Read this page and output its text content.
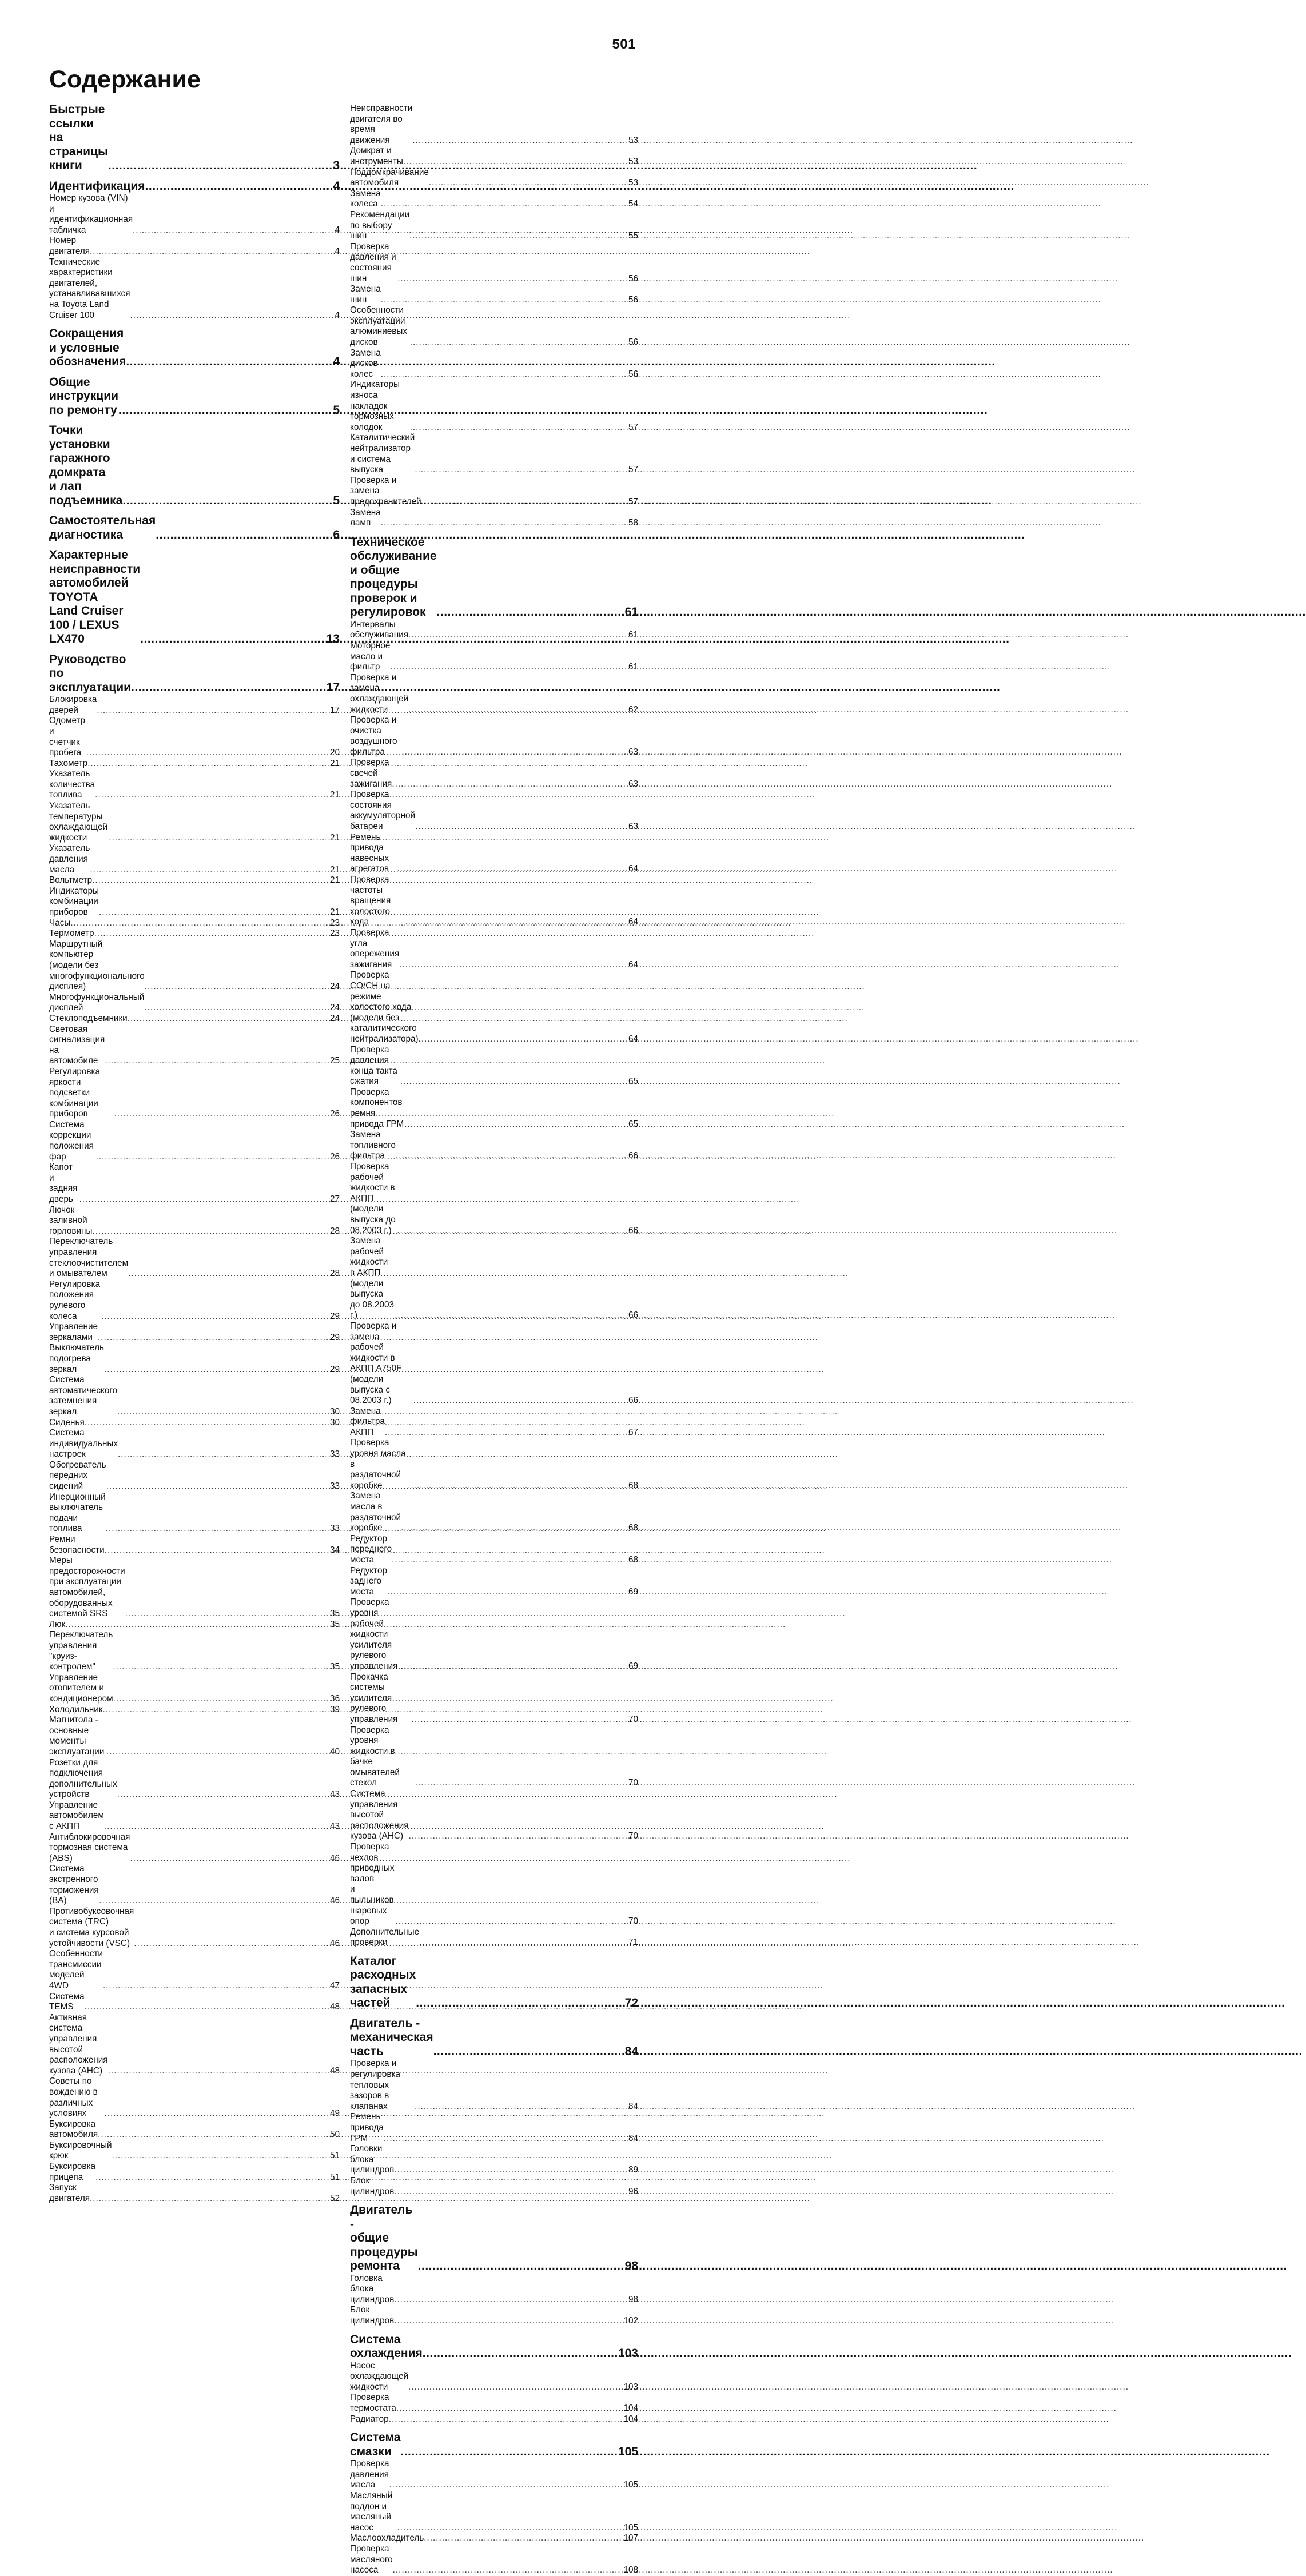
501
Содержание
Быстрые ссылки на страницы книги .....	3
Идентификация .....	4
Номер кузова (VIN) и идентификационная табличка .....	4
Номер двигателя .....	4
Технические характеристики двигателей,
устанавливавшихся на Toyota Land Cruiser 100 .....	4
Сокращения и условные обозначения .....	4
Общие инструкции по ремонту .....	5
Точки установки гаражного домкрата
и лап подъемника .....	5
Самостоятельная диагностика .....	6
Характерные неисправности
автомобилей TOYOTA
Land Cruiser 100 / LEXUS LX470 .....	13
Руководство по эксплуатации .....	17
Блокировка дверей .....	17
Одометр и счетчик пробега .....	20
Тахометр .....	21
Указатель количества топлива .....	21
Указатель температуры охлаждающей жидкости .....	21
Указатель давления масла .....	21
Вольтметр .....	21
Индикаторы комбинации приборов .....	21
Часы .....	23
Термометр .....	23
Маршрутный компьютер
(модели без многофункционального дисплея) .....	24
Многофункциональный дисплей .....	24
Стеклоподъемники .....	24
Световая сигнализация на автомобиле .....	25
Регулировка яркости подсветки комбинации приборов .....	26
Система коррекции положения фар .....	26
Капот и задняя дверь .....	27
Лючок заливной горловины .....	28
Переключатель управления
стеклоочистителем и омывателем .....	28
Регулировка положения рулевого колеса .....	29
Управление зеркалами .....	29
Выключатель подогрева зеркал .....	29
Система автоматического затемнения зеркал .....	30
Сиденья .....	30
Система индивидуальных настроек .....	33
Обогреватель передних сидений .....	33
Инерционный выключатель подачи топлива .....	33
Ремни безопасности .....	34
Меры предосторожности при эксплуатации
автомобилей, оборудованных системой SRS .....	35
Люк .....	35
Переключатель управления "круиз-контролем" .....	35
Управление отопителем и кондиционером .....	36
Холодильник .....	39
Магнитола - основные моменты эксплуатации .....	40
Розетки для подключения дополнительных устройств .....	43
Управление автомобилем с АКПП .....	43
Антиблокировочная тормозная система (ABS) .....	46
Система экстренного торможения (BA) .....	46
Противобуксовочная система (TRC)
и система курсовой устойчивости (VSC) .....	46
Особенности трансмиссии моделей 4WD .....	47
Система TEMS .....	48
Активная система управления
высотой расположения кузова (AHC) .....	48
Советы по вождению в различных условиях .....	49
Буксировка автомобиля .....	50
Буксировочный крюк .....	51
Буксировка прицепа .....	51
Запуск двигателя .....	52
Неисправности двигателя во время движения .....	53
Домкрат и инструменты .....	53
Поддомкрачивание автомобиля .....	53
Замена колеса .....	54
Рекомендации по выбору шин .....	55
Проверка давления и состояния шин .....	56
Замена шин .....	56
Особенности эксплуатации алюминиевых дисков .....	56
Замена дисков колес .....	56
Индикаторы износа накладок тормозных колодок .....	57
Каталитический нейтрализатор и система выпуска .....	57
Проверка и замена предохранителей .....	57
Замена ламп .....	58
Техническое обслуживание и общие
процедуры проверок и регулировок .....	61
Интервалы обслуживания .....	61
Моторное масло и фильтр .....	61
Проверка и замена охлаждающей жидкости .....	62
Проверка и очистка воздушного фильтра .....	63
Проверка свечей зажигания .....	63
Проверка состояния аккумуляторной батареи .....	63
Ремень привода навесных агрегатов .....	64
Проверка частоты вращения холостого хода .....	64
Проверка угла опережения зажигания .....	64
Проверка CO/CH на режиме холостого хода
(модели без каталитического нейтрализатора) .....	64
Проверка давления конца такта сжатия .....	65
Проверка компонентов ремня привода ГРМ .....	65
Замена топливного фильтра .....	66
Проверка рабочей жидкости в АКПП
(модели выпуска до 08.2003 г.) .....	66
Замена рабочей жидкости в АКПП
(модели выпуска до 08.2003 г.) .....	66
Проверка и замена рабочей жидкости в АКПП A750F
(модели выпуска с 08.2003 г.) .....	66
Замена фильтра АКПП .....	67
Проверка уровня масла в раздаточной коробке .....	68
Замена масла в раздаточной коробке .....	68
Редуктор переднего моста .....	68
Редуктор заднего моста .....	69
Проверка уровня рабочей жидкости
усилителя рулевого управления .....	69
Прокачка системы усилителя рулевого управления .....	70
Проверка уровня жидкости в бачке омывателей стекол .....	70
Система управления
высотой расположения кузова (AHC) .....	70
Проверка чехлов приводных валов
и пыльников шаровых опор .....	70
Дополнительные проверки .....	71
Каталог расходных запасных частей .....	72
Двигатель - механическая часть .....	84
Проверка и регулировка тепловых зазоров в клапанах .....	84
Ремень привода ГРМ .....	84
Головки блока цилиндров .....	89
Блок цилиндров .....	96
Двигатель -
общие процедуры ремонта .....	98
Головка блока цилиндров .....	98
Блок цилиндров .....	102
Система охлаждения .....	103
Насос охлаждающей жидкости .....	103
Проверка термостата .....	104
Радиатор .....	104
Система смазки .....	105
Проверка давления масла .....	105
Масляный поддон и масляный насос .....	105
Маслоохладитель .....	107
Проверка масляного насоса .....	108
